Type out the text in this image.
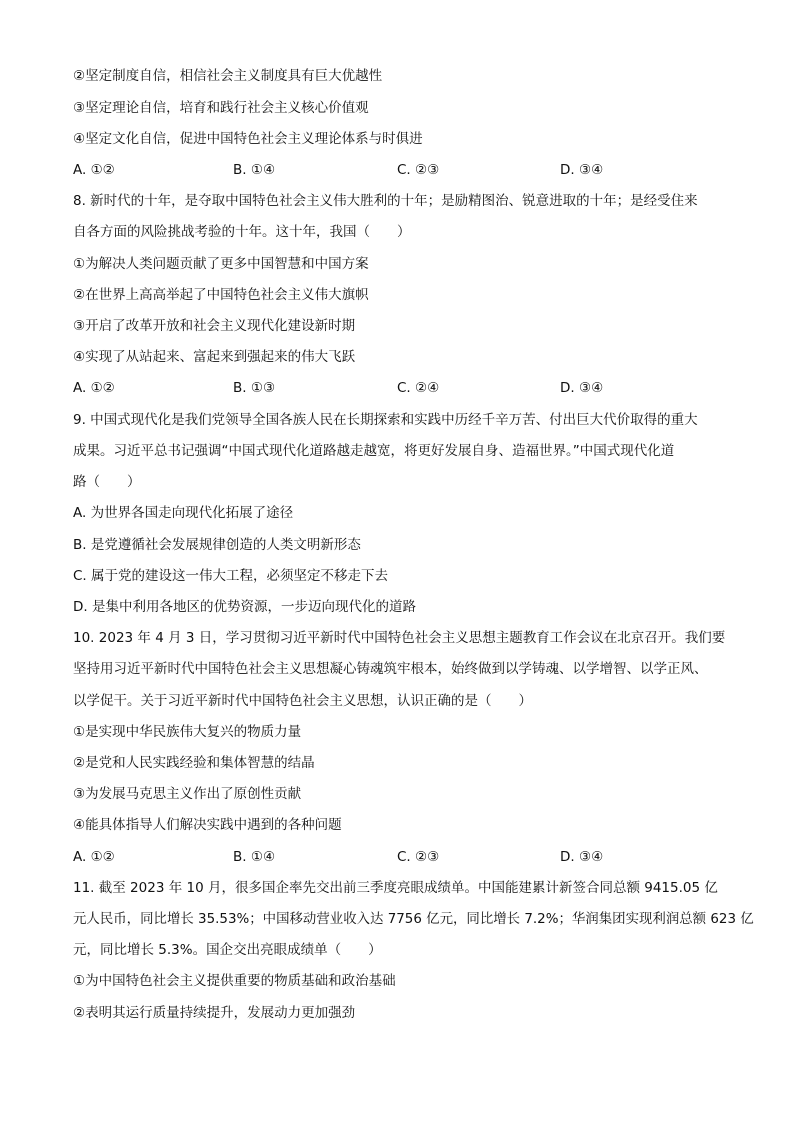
②坚定制度自信，相信社会主义制度具有巨大优越性
③坚定理论自信，培育和践行社会主义核心价值观
④坚定文化自信，促进中国特色社会主义理论体系与时俱进
A. ①②	B. ①④	C. ②③	D. ③④
8. 新时代的十年，是夺取中国特色社会主义伟大胜利的十年；是励精图治、锐意进取的十年；是经受住来
自各方面的风险挑战考验的十年。这十年，我国（　　）
①为解决人类问题贡献了更多中国智慧和中国方案
②在世界上高高举起了中国特色社会主义伟大旗帜
③开启了改革开放和社会主义现代化建设新时期
④实现了从站起来、富起来到强起来的伟大飞跃
A. ①②	B. ①③	C. ②④	D. ③④
9. 中国式现代化是我们党领导全国各族人民在长期探索和实践中历经千辛万苦、付出巨大代价取得的重大
成果。习近平总书记强调“中国式现代化道路越走越宽，将更好发展自身、造福世界。”中国式现代化道
路（　　）
A. 为世界各国走向现代化拓展了途径
B. 是党遵循社会发展规律创造的人类文明新形态
C. 属于党的建设这一伟大工程，必须坚定不移走下去
D. 是集中利用各地区的优势资源，一步迈向现代化的道路
10. 2023 年 4 月 3 日，学习贯彻习近平新时代中国特色社会主义思想主题教育工作会议在北京召开。我们要
坚持用习近平新时代中国特色社会主义思想凝心铸魂筑牢根本，始终做到以学铸魂、以学增智、以学正风、
以学促干。关于习近平新时代中国特色社会主义思想，认识正确的是（　　）
①是实现中华民族伟大复兴的物质力量
②是党和人民实践经验和集体智慧的结晶
③为发展马克思主义作出了原创性贡献
④能具体指导人们解决实践中遇到的各种问题
A. ①②	B. ①④	C. ②③	D. ③④
11. 截至 2023 年 10 月，很多国企率先交出前三季度亮眼成绩单。中国能建累计新签合同总额 9415.05 亿
元人民币，同比增长 35.53%；中国移动营业收入达 7756 亿元，同比增长 7.2%；华润集团实现利润总额 623 亿
元，同比增长 5.3%。国企交出亮眼成绩单（　　）
①为中国特色社会主义提供重要的物质基础和政治基础
②表明其运行质量持续提升，发展动力更加强劲
